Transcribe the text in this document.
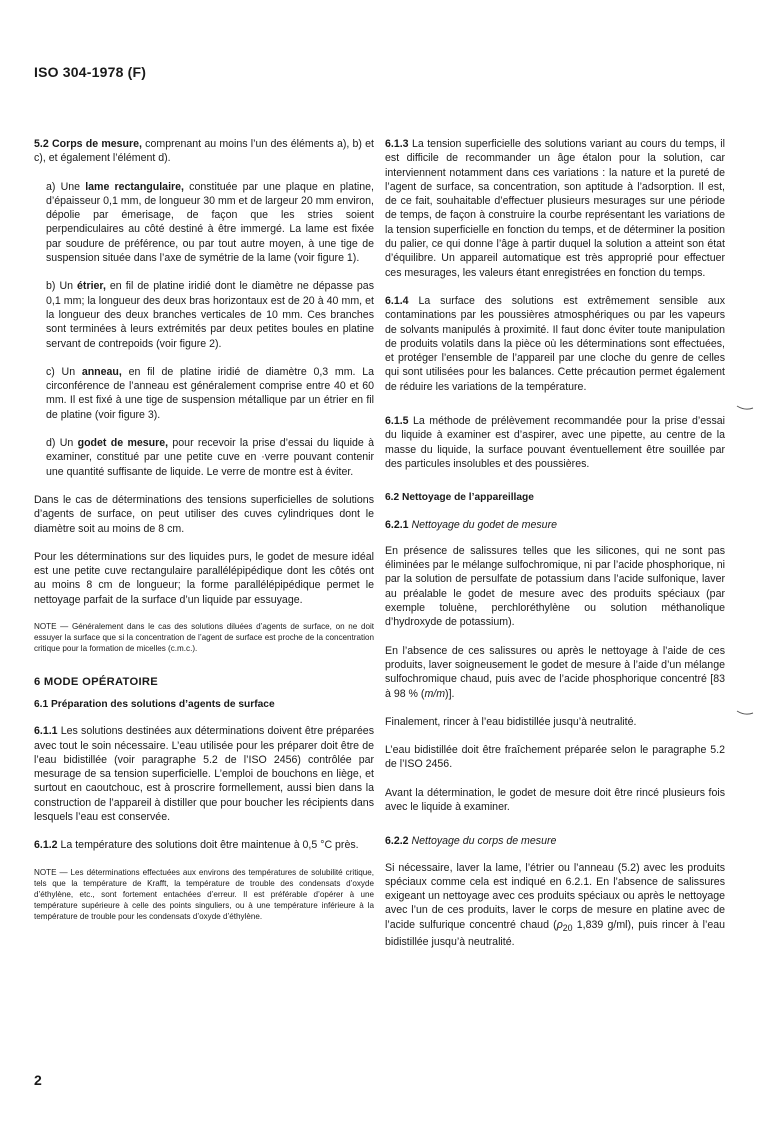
ISO 304-1978 (F)

5.2 Corps de mesure, comprenant au moins l’un des éléments a), b) et c), et également l’élément d).

a) Une lame rectangulaire, constituée par une plaque en platine, d’épaisseur 0,1 mm, de longueur 30 mm et de largeur 20 mm environ, dépolie par émerisage, de façon que les stries soient perpendiculaires au côté destiné à être immergé. La lame est fixée par soudure de préférence, ou par tout autre moyen, à une tige de suspension située dans l’axe de symétrie de la lame (voir figure 1).

b) Un étrier, en fil de platine iridié dont le diamètre ne dépasse pas 0,1 mm; la longueur des deux bras horizontaux est de 20 à 40 mm, et la longueur des deux branches verticales de 10 mm. Ces branches sont terminées à leurs extrémités par deux petites boules en platine servant de contrepoids (voir figure 2).

c) Un anneau, en fil de platine iridié de diamètre 0,3 mm. La circonférence de l’anneau est généralement comprise entre 40 et 60 mm. Il est fixé à une tige de suspension métallique par un étrier en fil de platine (voir figure 3).

d) Un godet de mesure, pour recevoir la prise d’essai du liquide à examiner, constitué par une petite cuve en ·verre pouvant contenir une quantité suffisante de liquide. Le verre de montre est à éviter.

Dans le cas de déterminations des tensions superficielles de solutions d’agents de surface, on peut utiliser des cuves cylindriques dont le diamètre soit au moins de 8 cm.

Pour les déterminations sur des liquides purs, le godet de mesure idéal est une petite cuve rectangulaire parallélépipédique dont les côtés ont au moins 8 cm de longueur; la forme parallélépipédique permet le nettoyage parfait de la surface d’un liquide par essuyage.

NOTE — Généralement dans le cas des solutions diluées d’agents de surface, on ne doit essuyer la surface que si la concentration de l’agent de surface est proche de la concentration critique pour la formation de micelles (c.m.c.).

6 MODE OPÉRATOIRE
6.1 Préparation des solutions d’agents de surface

6.1.1 Les solutions destinées aux déterminations doivent être préparées avec tout le soin nécessaire. L’eau utilisée pour les préparer doit être de l’eau bidistillée (voir paragraphe 5.2 de l’ISO 2456) contrôlée par mesurage de sa tension superficielle. L’emploi de bouchons en liège, et surtout en caoutchouc, est à proscrire formellement, aussi bien dans la construction de l’appareil à distiller que pour boucher les récipients dans lesquels l’eau est conservée.

6.1.2 La température des solutions doit être maintenue à 0,5 °C près.

NOTE — Les déterminations effectuées aux environs des températures de solubilité critique, tels que la température de Krafft, la température de trouble des condensats d’oxyde d’éthylène, etc., sont fortement entachées d’erreur. Il est préférable d’opérer à une température supérieure à celle des points singuliers, ou à une température inférieure à la température de trouble pour les condensats d’oxyde d’éthylène.

6.1.3 La tension superficielle des solutions variant au cours du temps, il est difficile de recommander un âge étalon pour la solution, car interviennent notamment dans ces variations : la nature et la pureté de l’agent de surface, sa concentration, son aptitude à l’adsorption. Il est, de ce fait, souhaitable d’effectuer plusieurs mesurages sur une période de temps, de façon à construire la courbe représentant les variations de la tension superficielle en fonction du temps, et de déterminer la position du palier, ce qui donne l’âge à partir duquel la solution a atteint son état d’équilibre. Un appareil automatique est très approprié pour effectuer ces mesurages, les valeurs étant enregistrées en fonction du temps.

6.1.4 La surface des solutions est extrêmement sensible aux contaminations par les poussières atmosphériques ou par les vapeurs de solvants manipulés à proximité. Il faut donc éviter toute manipulation de produits volatils dans la pièce où les déterminations sont effectuées, et protéger l’ensemble de l’appareil par une cloche du genre de celles qui sont utilisées pour les balances. Cette précaution permet également de réduire les variations de la température.

6.1.5 La méthode de prélèvement recommandée pour la prise d’essai du liquide à examiner est d’aspirer, avec une pipette, au centre de la masse du liquide, la surface pouvant éventuellement être souillée par des particules insolubles et des poussières.

6.2 Nettoyage de l’appareillage
6.2.1 Nettoyage du godet de mesure

En présence de salissures telles que les silicones, qui ne sont pas éliminées par le mélange sulfochromique, ni par l’acide phosphorique, ni par la solution de persulfate de potassium dans l’acide sulfonique, laver au préalable le godet de mesure avec des produits spéciaux (par exemple toluène, perchloréthylène ou solution méthanolique d’hydroxyde de potassium).

En l’absence de ces salissures ou après le nettoyage à l’aide de ces produits, laver soigneusement le godet de mesure à l’aide d’un mélange sulfochromique chaud, puis avec de l’acide phosphorique concentré [83 à 98 % (m/m)].

Finalement, rincer à l’eau bidistillée jusqu’à neutralité.

L’eau bidistillée doit être fraîchement préparée selon le paragraphe 5.2 de l’ISO 2456.

Avant la détermination, le godet de mesure doit être rincé plusieurs fois avec le liquide à examiner.

6.2.2 Nettoyage du corps de mesure

Si nécessaire, laver la lame, l’étrier ou l’anneau (5.2) avec les produits spéciaux comme cela est indiqué en 6.2.1. En l’absence de salissures exigeant un nettoyage avec ces produits spéciaux ou après le nettoyage avec l’un de ces produits, laver le corps de mesure en platine avec de l’acide sulfurique concentré chaud ($\rho_{20}$ 1,839 g/ml), puis rincer à l’eau bidistillée jusqu’à neutralité.

2
